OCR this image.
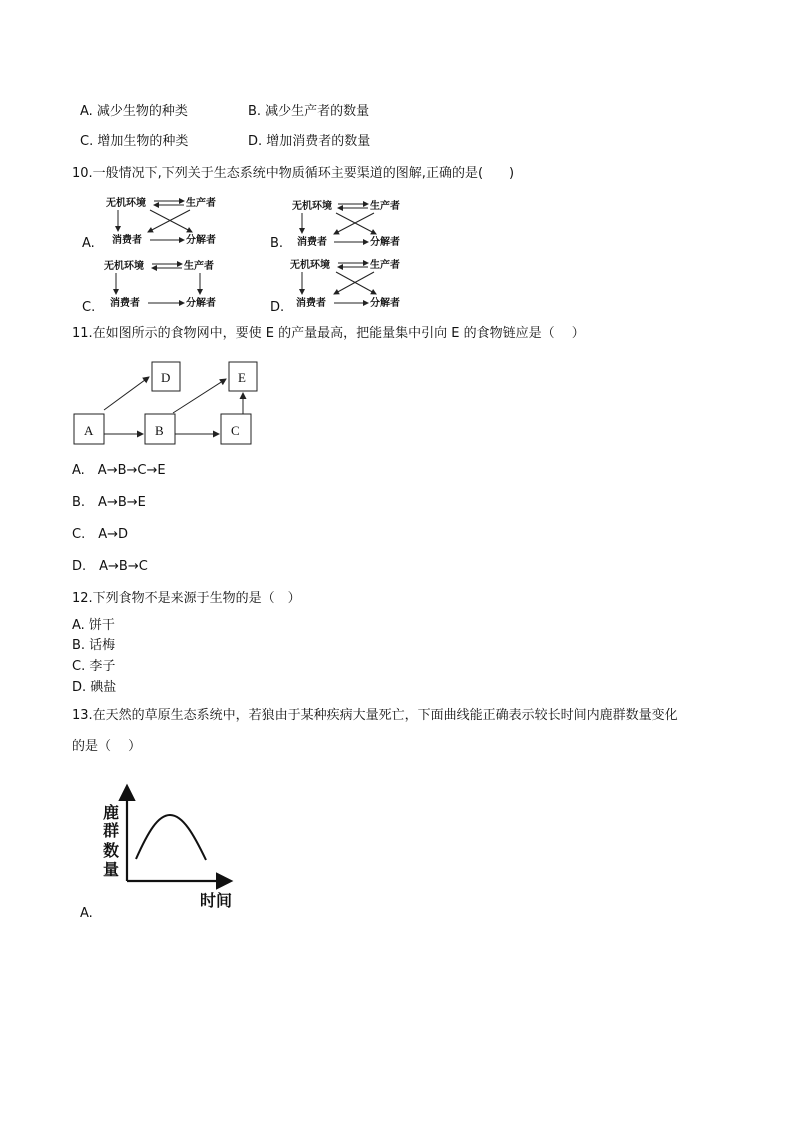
A. 减少生物的种类	B. 减少生产者的数量
C. 增加生物的种类	D. 增加消费者的数量
10.一般情况下,下列关于生态系统中物质循环主要渠道的图解,正确的是(　　)
A.
无机环境	生产者
消费者	分解者	B.
无机环境	生产者
消费者	分解者
C.
无机环境	生产者
消费者	分解者	D.
无机环境	生产者
消费者	分解者
11.在如图所示的食物网中，要使 E 的产量最高，把能量集中引向 E 的食物链应是（　 ）
D	E
A	B	C
A.　A→B→C→E
B.　A→B→E
C.　A→D
D.　A→B→C
12.下列食物不是来源于生物的是（　）
A. 饼干
B. 话梅
C. 李子
D. 碘盐
13.在天然的草原生态系统中，若狼由于某种疾病大量死亡，下面曲线能正确表示较长时间内鹿群数量变化
的是（　 ）
鹿
群
数
量
时间
A.
